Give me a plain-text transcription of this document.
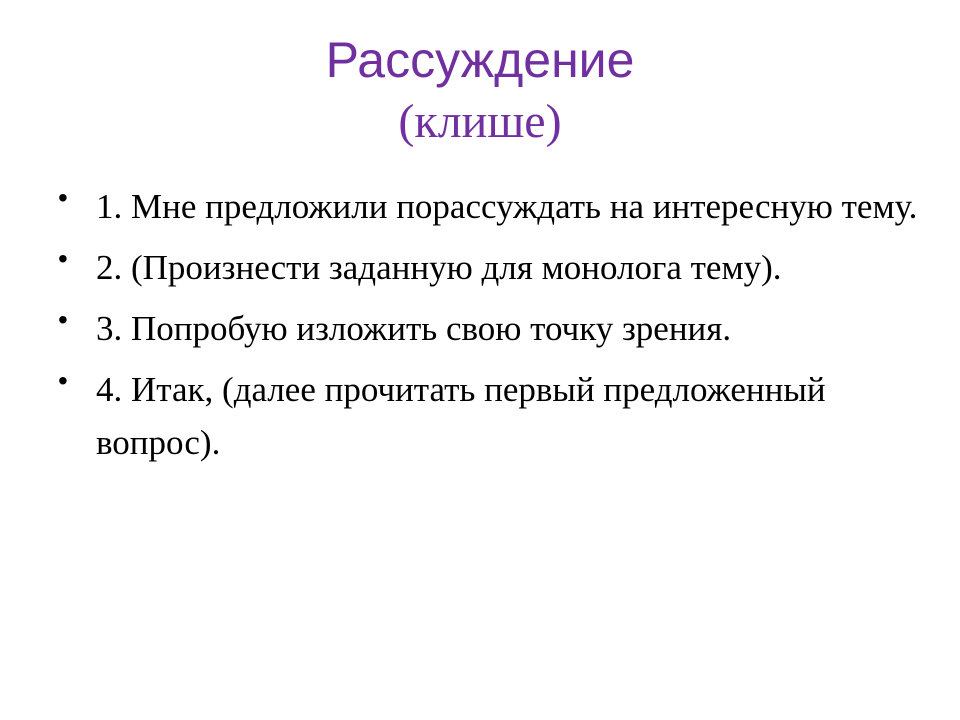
Рассуждение
(клише)
• 1. Мне предложили порассуждать на интересную тему.
• 2. (Произнести заданную для монолога тему).
• 3. Попробую изложить свою точку зрения.
• 4. Итак, (далее прочитать первый предложенный вопрос).
